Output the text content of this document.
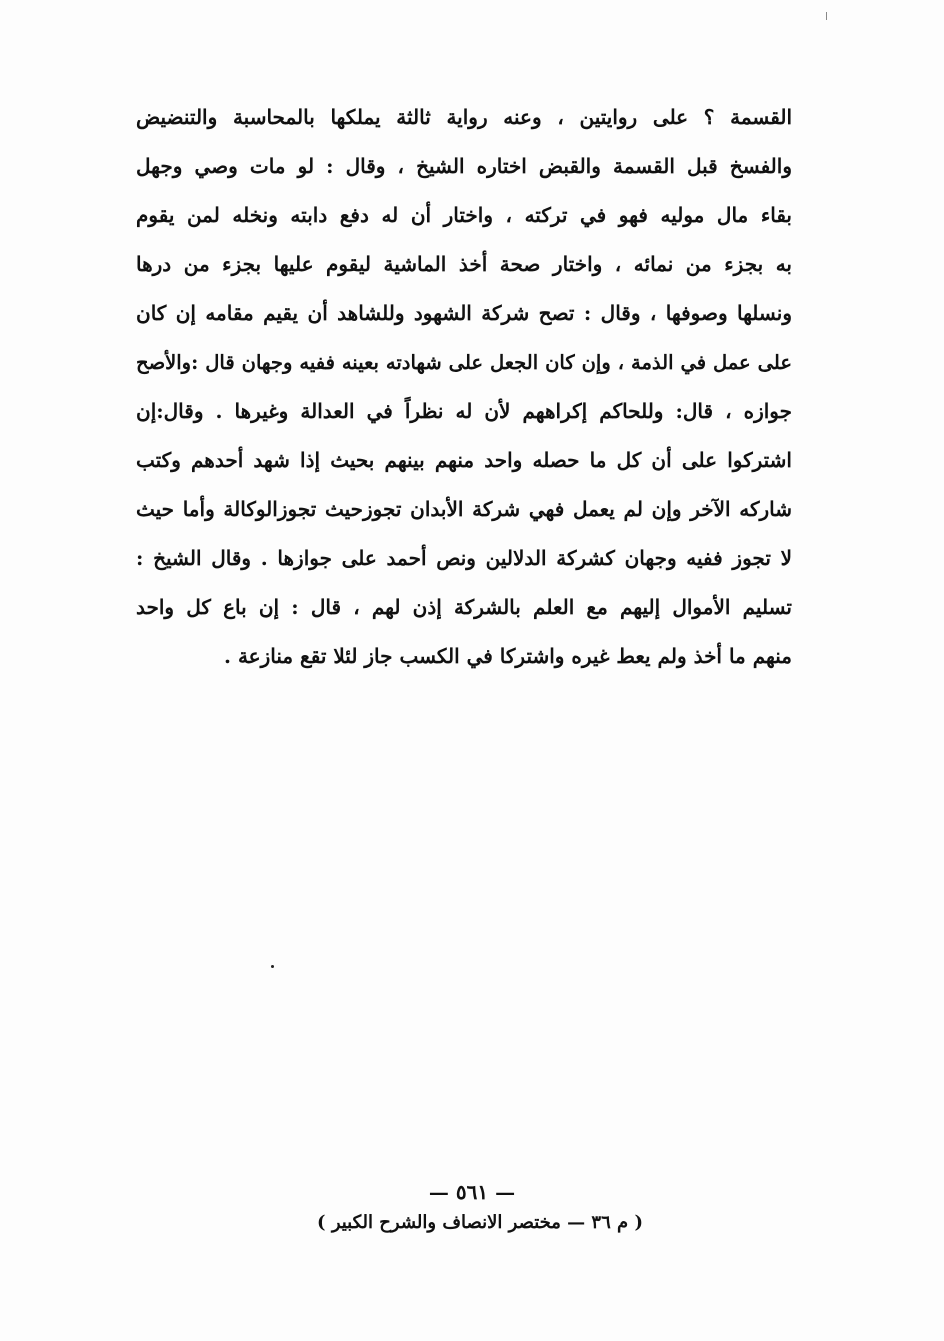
القسمة ؟ على روايتين ، وعنه رواية ثالثة يملكها بالمحاسبة والتنضيض
والفسخ قبل القسمة والقبض اختاره الشيخ ، وقال : لو مات وصي وجهل
بقاء مال موليه فهو في تركته ، واختار أن له دفع دابته ونخله لمن يقوم
به بجزء من نمائه ، واختار صحة أخذ الماشية ليقوم عليها بجزء من درها
ونسلها وصوفها ، وقال : تصح شركة الشهود وللشاهد أن يقيم مقامه إن كان
على عمل في الذمة ، وإن كان الجعل على شهادته بعينه ففيه وجهان قال :والأصح
جوازه ، قال: وللحاكم إكراههم لأن له نظراً في العدالة وغيرها . وقال:إن
اشتركوا على أن كل ما حصله واحد منهم بينهم بحيث إذا شهد أحدهم وكتب
شاركه الآخر وإن لم يعمل فهي شركة الأبدان تجوزحيث تجوزالوكالة وأما حيث
لا تجوز ففيه وجهان كشركة الدلالين ونص أحمد على جوازها . وقال الشيخ :
تسليم الأموال إليهم مع العلم بالشركة إذن لهم ، قال : إن باع كل واحد
منهم ما أخذ ولم يعط غيره واشتركا في الكسب جاز لئلا تقع منازعة .
— ٥٦١ —
( م ٣٦ — مختصر الانصاف والشرح الكبير )
